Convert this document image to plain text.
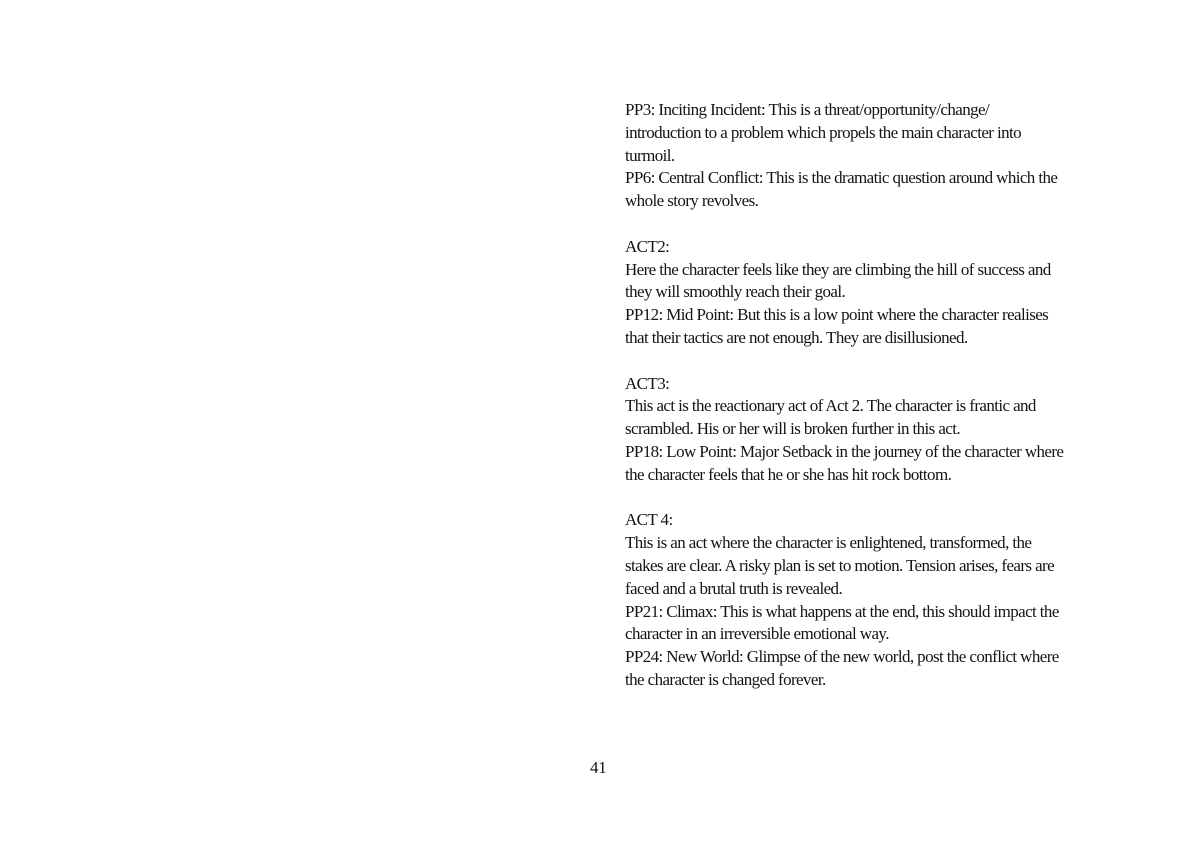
PP3: Inciting Incident: This is a threat/opportunity/change/
introduction to a problem which propels the main character into
turmoil.
PP6: Central Conflict: This is the dramatic question around which the
whole story revolves.
ACT2:
Here the character feels like they are climbing the hill of success and
they will smoothly reach their goal.
PP12: Mid Point: But this is a low point where the character realises
that their tactics are not enough. They are disillusioned.
ACT3:
This act is the reactionary act of Act 2. The character is frantic and
scrambled. His or her will is broken further in this act.
PP18: Low Point: Major Setback in the journey of the character where
the character feels that he or she has hit rock bottom.
ACT 4:
This is an act where the character is enlightened, transformed, the
stakes are clear. A risky plan is set to motion. Tension arises, fears are
faced and a brutal truth is revealed.
PP21: Climax: This is what happens at the end, this should impact the
character in an irreversible emotional way.
PP24: New World: Glimpse of the new world, post the conflict where
the character is changed forever.
41
